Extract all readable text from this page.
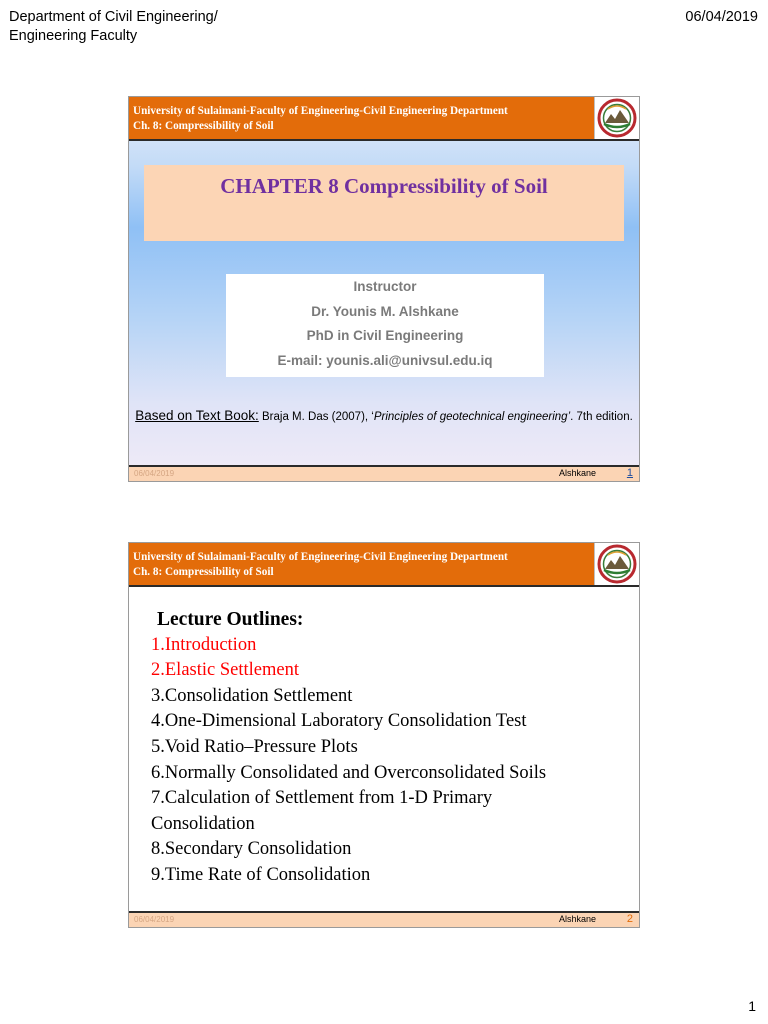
Department of Civil Engineering/
Engineering Faculty
06/04/2019
University of Sulaimani-Faculty of Engineering-Civil Engineering Department
Ch. 8: Compressibility of Soil
CHAPTER 8 Compressibility of Soil
Instructor
Dr. Younis M. Alshkane
PhD in Civil Engineering
E-mail: younis.ali@univsul.edu.iq
Based on Text Book: Braja M. Das (2007), ‘Principles of geotechnical engineering’. 7th edition.
06/04/2019	Alshkane	1
University of Sulaimani-Faculty of Engineering-Civil Engineering Department
Ch. 8: Compressibility of Soil
Lecture Outlines:
1.Introduction
2.Elastic Settlement
3.Consolidation Settlement
4.One-Dimensional Laboratory Consolidation Test
5.Void Ratio–Pressure Plots
6.Normally Consolidated and Overconsolidated Soils
7.Calculation of Settlement from 1-D Primary
Consolidation
8.Secondary Consolidation
9.Time Rate of Consolidation
06/04/2019	Alshkane	2
1
